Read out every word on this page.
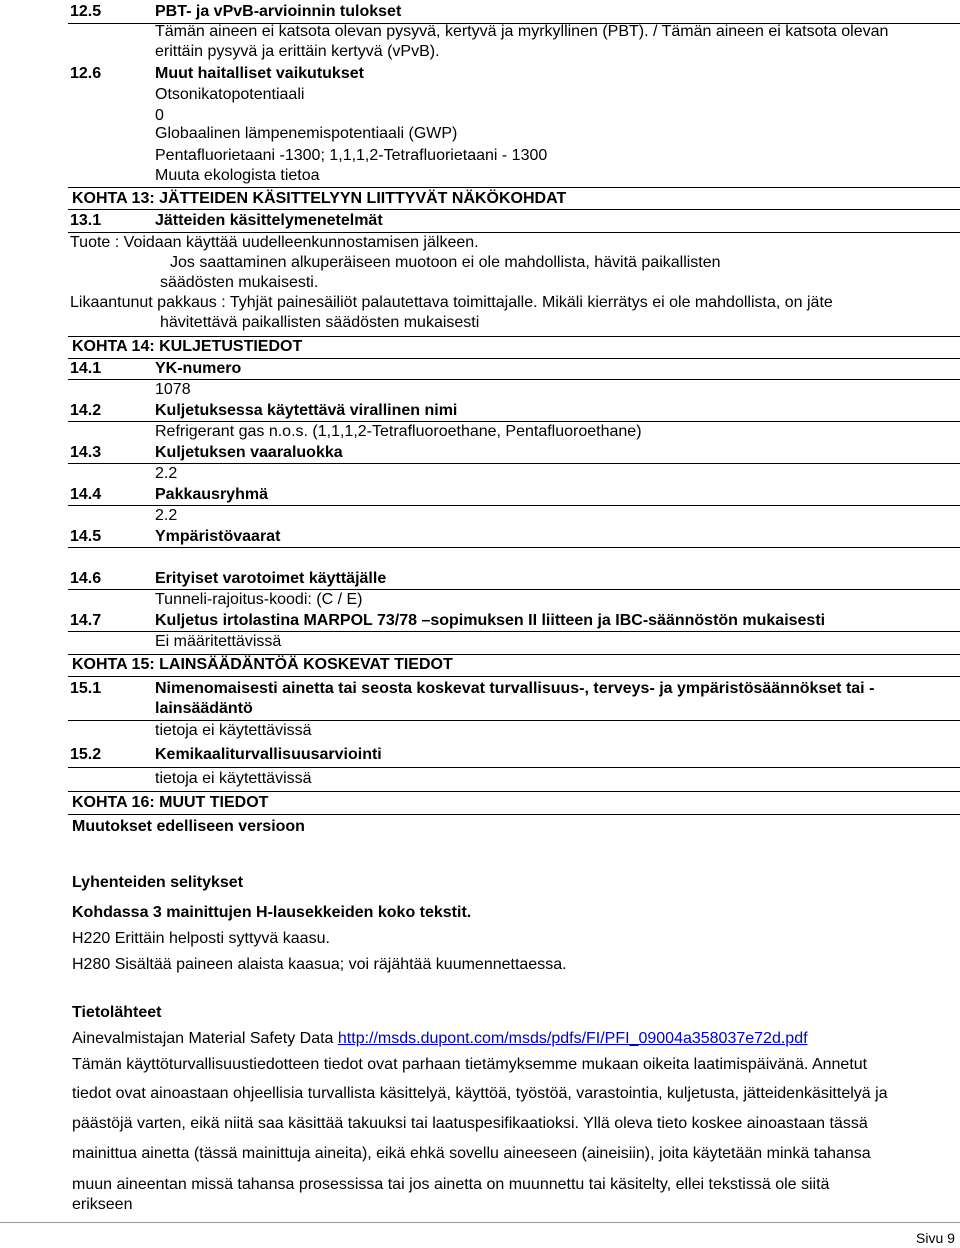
12.5	PBT- ja vPvB-arvioinnin tulokset
Tämän aineen ei katsota olevan pysyvä, kertyvä ja myrkyllinen (PBT). / Tämän aineen ei katsota olevan
erittäin pysyvä ja erittäin kertyvä (vPvB).
12.6	Muut haitalliset vaikutukset
Otsonikatopotentiaali
0
Globaalinen lämpenemispotentiaali (GWP)
Pentafluorietaani -1300; 1,1,1,2-Tetrafluorietaani - 1300
Muuta ekologista tietoa
KOHTA 13: JÄTTEIDEN KÄSITTELYYN LIITTYVÄT NÄKÖKOHDAT
13.1	Jätteiden käsittelymenetelmät
Tuote : Voidaan käyttää uudelleenkunnostamisen jälkeen.
Jos saattaminen alkuperäiseen muotoon ei ole mahdollista, hävitä paikallisten
säädösten mukaisesti.
Likaantunut pakkaus : Tyhjät painesäiliöt palautettava toimittajalle. Mikäli kierrätys ei ole mahdollista, on jäte
hävitettävä paikallisten säädösten mukaisesti
KOHTA 14: KULJETUSTIEDOT
14.1	YK-numero
1078
14.2	Kuljetuksessa käytettävä virallinen nimi
Refrigerant gas n.o.s. (1,1,1,2-Tetrafluoroethane, Pentafluoroethane)
14.3	Kuljetuksen vaaraluokka
2.2
14.4	Pakkausryhmä
2.2
14.5	Ympäristövaarat
14.6	Erityiset varotoimet käyttäjälle
Tunneli-rajoitus-koodi: (C / E)
14.7	Kuljetus irtolastina MARPOL 73/78 –sopimuksen II liitteen ja IBC-säännöstön mukaisesti
Ei määritettävissä
KOHTA 15: LAINSÄÄDÄNTÖÄ KOSKEVAT TIEDOT
15.1	Nimenomaisesti ainetta tai seosta koskevat turvallisuus-, terveys- ja ympäristösäännökset tai -
lainsäädäntö
tietoja ei käytettävissä
15.2	Kemikaaliturvallisuusarviointi
tietoja ei käytettävissä
KOHTA 16: MUUT TIEDOT
Muutokset edelliseen versioon
Lyhenteiden selitykset
Kohdassa 3 mainittujen H-lausekkeiden koko tekstit.
H220 Erittäin helposti syttyvä kaasu.
H280 Sisältää paineen alaista kaasua; voi räjähtää kuumennettaessa.
Tietolähteet
Ainevalmistajan Material Safety Data http://msds.dupont.com/msds/pdfs/FI/PFI_09004a358037e72d.pdf
Tämän käyttöturvallisuustiedotteen tiedot ovat parhaan tietämyksemme mukaan oikeita laatimispäivänä. Annetut
tiedot ovat ainoastaan ohjeellisia turvallista käsittelyä, käyttöä, työstöä, varastointia, kuljetusta, jätteidenkäsittelyä ja
päästöjä varten, eikä niitä saa käsittää takuuksi tai laatuspesifikaatioksi. Yllä oleva tieto koskee ainoastaan tässä
mainittua ainetta (tässä mainittuja aineita), eikä ehkä sovellu aineeseen (aineisiin), joita käytetään minkä tahansa
muun aineentan missä tahansa prosessissa tai jos ainetta on muunnettu tai käsitelty, ellei tekstissä ole siitä
erikseen
Sivu 9
